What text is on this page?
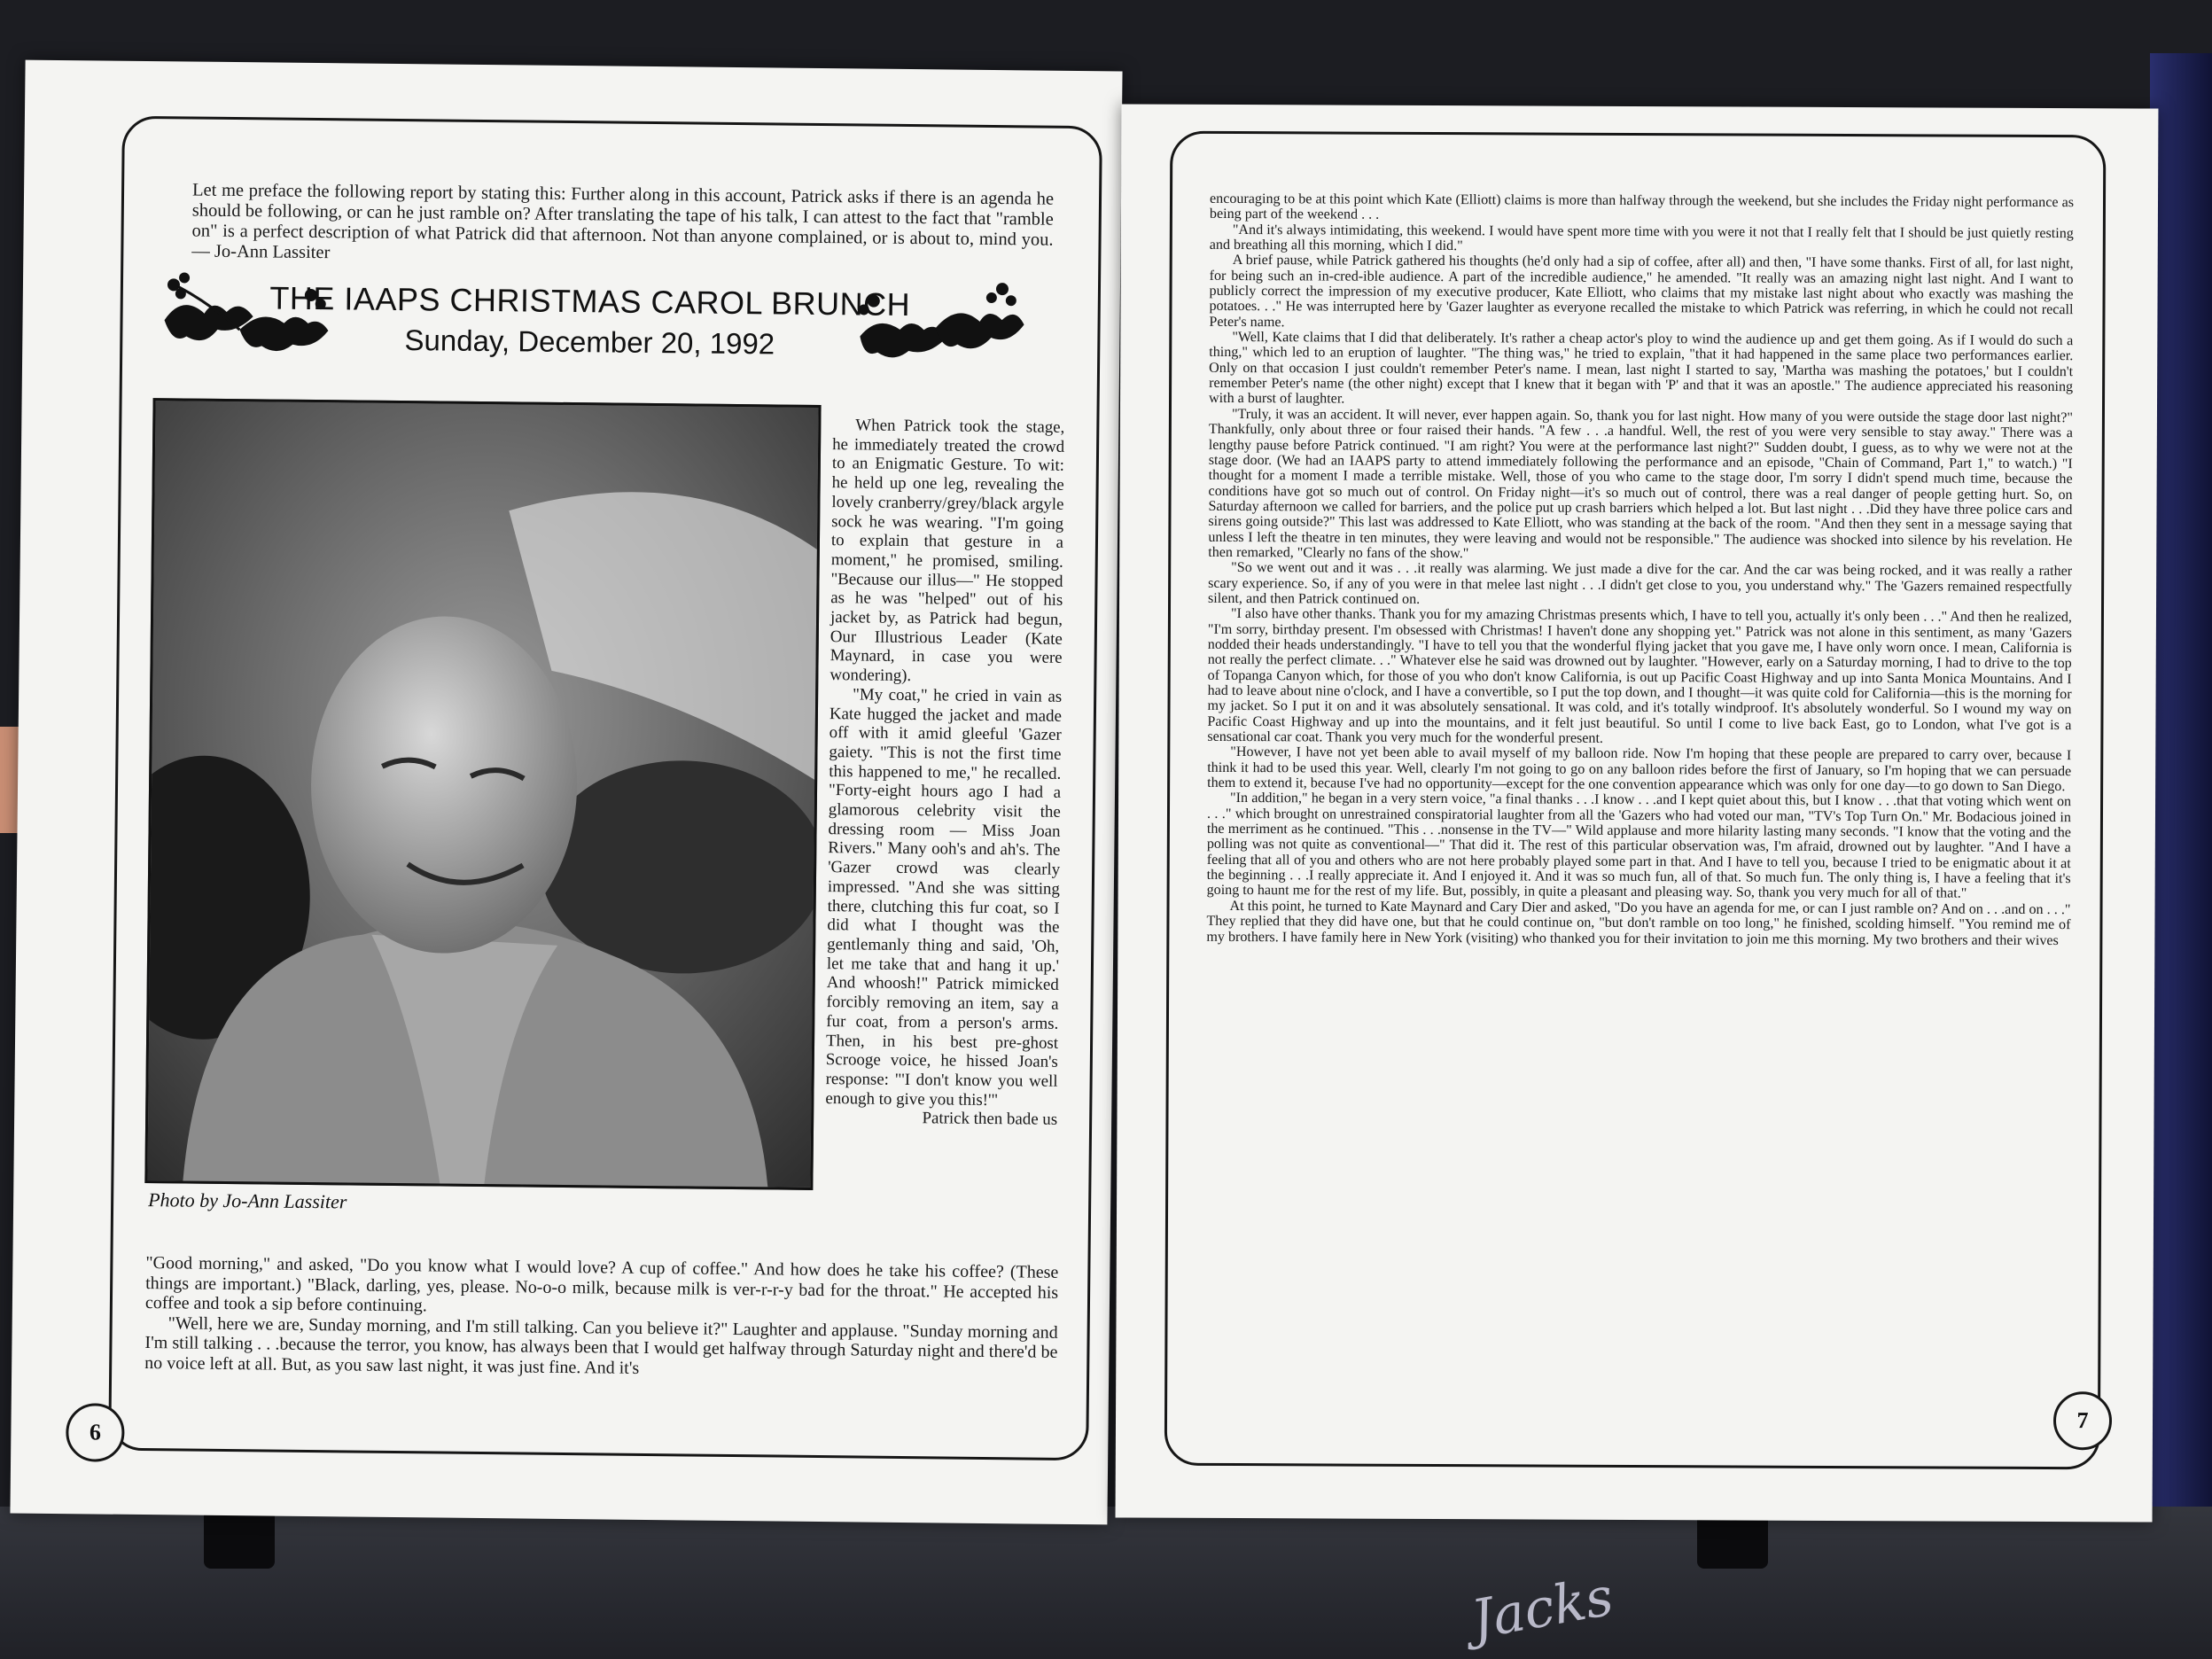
Jacks
6

Let me preface the following report by stating this: Further along in this account, Patrick asks if there is an agenda he should be following, or can he just ramble on? After translating the tape of his talk, I can attest to the fact that "ramble on" is a perfect description of what Patrick did that afternoon. Not than anyone complained, or is about to, mind you. — Jo-Ann Lassiter

THE IAAPS CHRISTMAS CAROL BRUNCH
Sunday, December 20, 1992
Photo by Jo-Ann Lassiter

When Patrick took the stage, he immediately treated the crowd to an Enigmatic Gesture. To wit: he held up one leg, revealing the lovely cranberry/grey/black argyle sock he was wearing. "I'm going to explain that gesture in a moment," he promised, smiling. "Because our illus—" He stopped as he was "helped" out of his jacket by, as Patrick had begun, Our Illustrious Leader (Kate Maynard, in case you were wondering).

"My coat," he cried in vain as Kate hugged the jacket and made off with it amid gleeful 'Gazer gaiety. "This is not the first time this happened to me," he recalled. "Forty-eight hours ago I had a glamorous celebrity visit the dressing room — Miss Joan Rivers." Many ooh's and ah's. The 'Gazer crowd was clearly impressed. "And she was sitting there, clutching this fur coat, so I did what I thought was the gentlemanly thing and said, 'Oh, let me take that and hang it up.' And whoosh!" Patrick mimicked forcibly removing an item, say a fur coat, from a person's arms. Then, in his best pre-ghost Scrooge voice, he hissed Joan's response: "'I don't know you well enough to give you this!'"

Patrick then bade us

"Good morning," and asked, "Do you know what I would love? A cup of coffee." And how does he take his coffee? (These things are important.) "Black, darling, yes, please. No-o-o milk, because milk is ver-r-r-y bad for the throat." He accepted his coffee and took a sip before continuing.

"Well, here we are, Sunday morning, and I'm still talking. Can you believe it?" Laughter and applause. "Sunday morning and I'm still talking . . .because the terror, you know, has always been that I would get halfway through Saturday night and there'd be no voice left at all. But, as you saw last night, it was just fine. And it's

7

encouraging to be at this point which Kate (Elliott) claims is more than halfway through the weekend, but she includes the Friday night performance as being part of the weekend . . .

"And it's always intimidating, this weekend. I would have spent more time with you were it not that I really felt that I should be just quietly resting and breathing all this morning, which I did."

A brief pause, while Patrick gathered his thoughts (he'd only had a sip of coffee, after all) and then, "I have some thanks. First of all, for last night, for being such an in-cred-ible audience. A part of the incredible audience," he amended. "It really was an amazing night last night. And I want to publicly correct the impression of my executive producer, Kate Elliott, who claims that my mistake last night about who exactly was mashing the potatoes. . ." He was interrupted here by 'Gazer laughter as everyone recalled the mistake to which Patrick was referring, in which he could not recall Peter's name.

"Well, Kate claims that I did that deliberately. It's rather a cheap actor's ploy to wind the audience up and get them going. As if I would do such a thing," which led to an eruption of laughter. "The thing was," he tried to explain, "that it had happened in the same place two performances earlier. Only on that occasion I just couldn't remember Peter's name. I mean, last night I started to say, 'Martha was mashing the potatoes,' but I couldn't remember Peter's name (the other night) except that I knew that it began with 'P' and that it was an apostle." The audience appreciated his reasoning with a burst of laughter.

"Truly, it was an accident. It will never, ever happen again. So, thank you for last night. How many of you were outside the stage door last night?" Thankfully, only about three or four raised their hands. "A few . . .a handful. Well, the rest of you were very sensible to stay away." There was a lengthy pause before Patrick continued. "I am right? You were at the performance last night?" Sudden doubt, I guess, as to why we were not at the stage door. (We had an IAAPS party to attend immediately following the performance and an episode, "Chain of Command, Part 1," to watch.) "I thought for a moment I made a terrible mistake. Well, those of you who came to the stage door, I'm sorry I didn't spend much time, because the conditions have got so much out of control. On Friday night—it's so much out of control, there was a real danger of people getting hurt. So, on Saturday afternoon we called for barriers, and the police put up crash barriers which helped a lot. But last night . . .Did they have three police cars and sirens going outside?" This last was addressed to Kate Elliott, who was standing at the back of the room. "And then they sent in a message saying that unless I left the theatre in ten minutes, they were leaving and would not be responsible." The audience was shocked into silence by his revelation. He then remarked, "Clearly no fans of the show."

"So we went out and it was . . .it really was alarming. We just made a dive for the car. And the car was being rocked, and it was really a rather scary experience. So, if any of you were in that melee last night . . .I didn't get close to you, you understand why." The 'Gazers remained respectfully silent, and then Patrick continued on.

"I also have other thanks. Thank you for my amazing Christmas presents which, I have to tell you, actually it's only been . . ." And then he realized, "I'm sorry, birthday present. I'm obsessed with Christmas! I haven't done any shopping yet." Patrick was not alone in this sentiment, as many 'Gazers nodded their heads understandingly. "I have to tell you that the wonderful flying jacket that you gave me, I have only worn once. I mean, California is not really the perfect climate. . ." Whatever else he said was drowned out by laughter. "However, early on a Saturday morning, I had to drive to the top of Topanga Canyon which, for those of you who don't know California, is out up Pacific Coast Highway and up into Santa Monica Mountains. And I had to leave about nine o'clock, and I have a convertible, so I put the top down, and I thought—it was quite cold for California—this is the morning for my jacket. So I put it on and it was absolutely sensational. It was cold, and it's totally windproof. It's absolutely wonderful. So I wound my way on Pacific Coast Highway and up into the mountains, and it felt just beautiful. So until I come to live back East, go to London, what I've got is a sensational car coat. Thank you very much for the wonderful present.

"However, I have not yet been able to avail myself of my balloon ride. Now I'm hoping that these people are prepared to carry over, because I think it had to be used this year. Well, clearly I'm not going to go on any balloon rides before the first of January, so I'm hoping that we can persuade them to extend it, because I've had no opportunity—except for the one convention appearance which was only for one day—to go down to San Diego.

"In addition," he began in a very stern voice, "a final thanks . . .I know . . .and I kept quiet about this, but I know . . .that that voting which went on . . ." which brought on unrestrained conspiratorial laughter from all the 'Gazers who had voted our man, "TV's Top Turn On." Mr. Bodacious joined in the merriment as he continued. "This . . .nonsense in the TV—" Wild applause and more hilarity lasting many seconds. "I know that the voting and the polling was not quite as conventional—" That did it. The rest of this particular observation was, I'm afraid, drowned out by laughter. "And I have a feeling that all of you and others who are not here probably played some part in that. And I have to tell you, because I tried to be enigmatic about it at the beginning . . .I really appreciate it. And I enjoyed it. And it was so much fun, all of that. So much fun. The only thing is, I have a feeling that it's going to haunt me for the rest of my life. But, possibly, in quite a pleasant and pleasing way. So, thank you very much for all of that."

At this point, he turned to Kate Maynard and Cary Dier and asked, "Do you have an agenda for me, or can I just ramble on? And on . . .and on . . ." They replied that they did have one, but that he could continue on, "but don't ramble on too long," he finished, scolding himself. "You remind me of my brothers. I have family here in New York (visiting) who thanked you for their invitation to join me this morning. My two brothers and their wives
